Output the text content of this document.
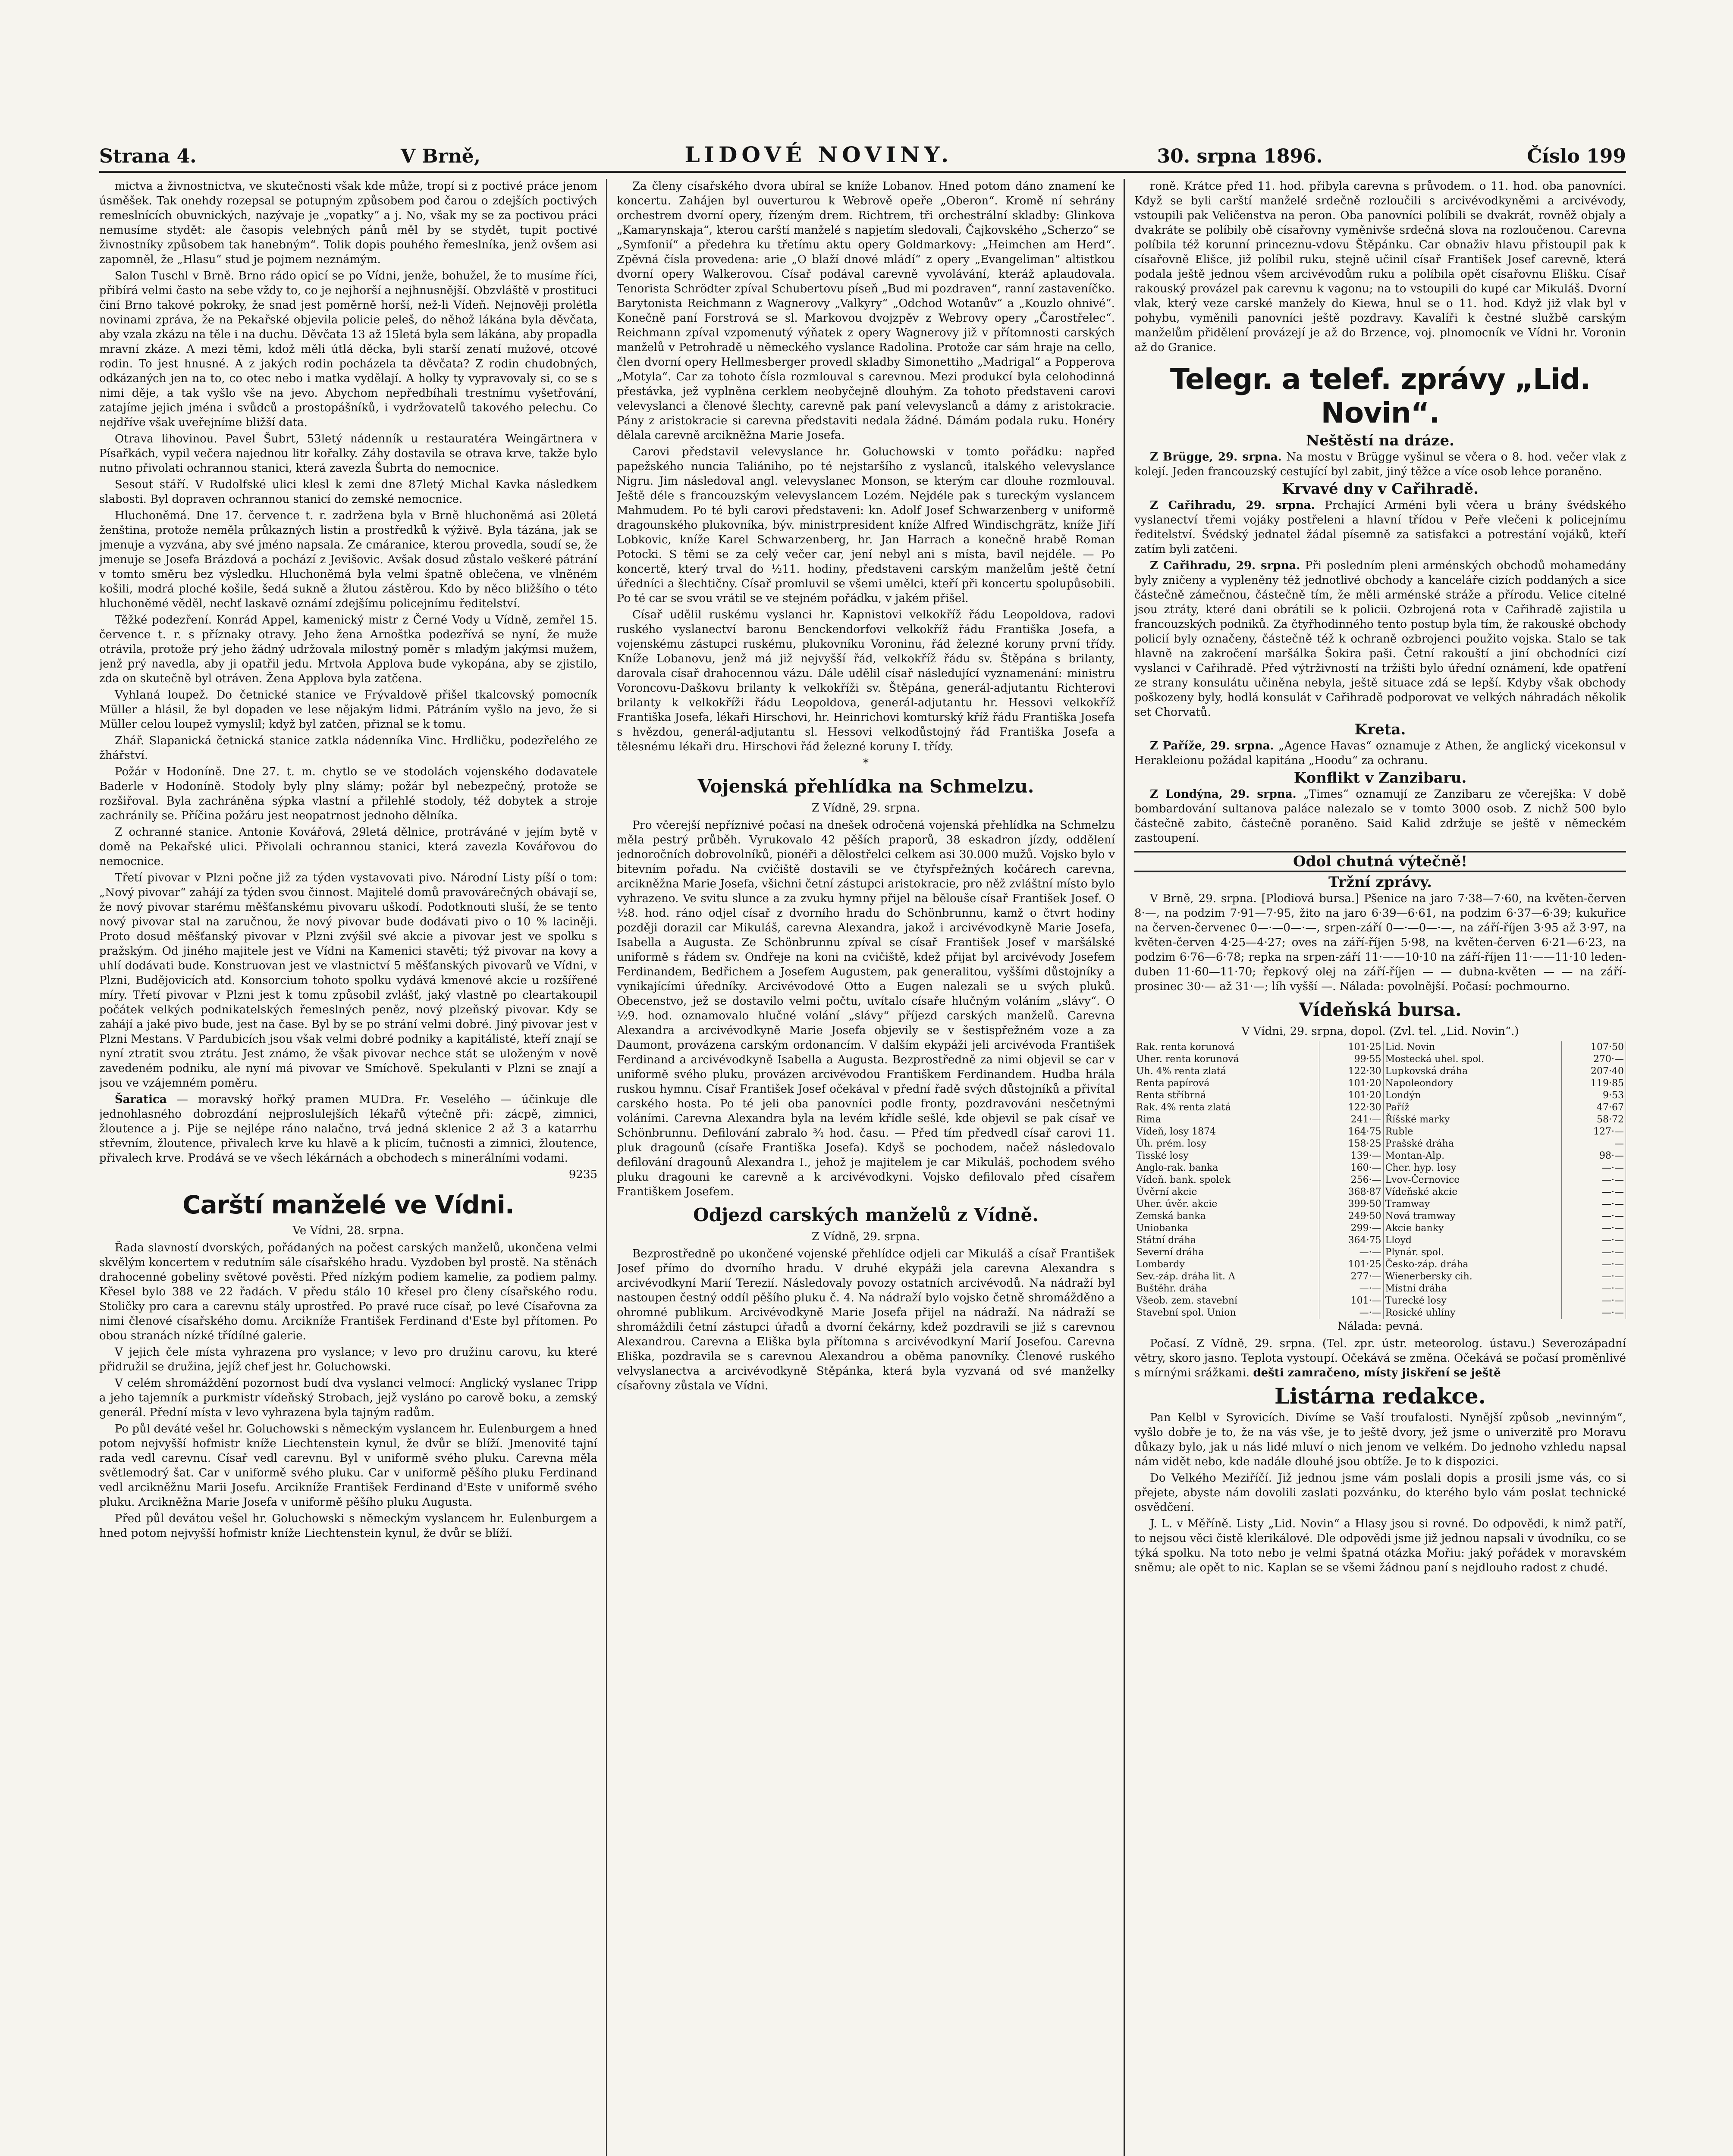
Strana 4.	V Brně,	LIDOVÉ NOVINY.	30. srpna 1896.	Číslo 199

mictva a živnostnictva, ve skutečnosti však kde může, tropí si z poctivé práce jenom úsměšek. Tak onehdy rozepsal se potupným způsobem pod čarou o zdejších poctivých remeslnících obuvnických, nazývaje je „vopatky“ a j. No, však my se za poctivou práci nemusíme stydět: ale časopis velebných pánů měl by se stydět, tupit poctivé živnostníky způsobem tak hanebným“. Tolik dopis pouhého řemeslníka, jenž ovšem asi zapomněl, že „Hlasu“ stud je pojmem neznámým.

Salon Tuschl v Brně. Brno rádo opicí se po Vídni, jenže, bohužel, že to musíme říci, přibírá velmi často na sebe vždy to, co je nejhorší a nejhnusnější. Obzvláště v prostituci činí Brno takové pokroky, že snad jest poměrně horší, než-li Vídeň. Nejnověji prolétla novinami zpráva, že na Pekařské objevila policie peleš, do něhož lákána byla děvčata, aby vzala zkázu na těle i na duchu. Děvčata 13 až 15letá byla sem lákána, aby propadla mravní zkáze. A mezi těmi, kdož měli útlá děcka, byli starší zenatí mužové, otcové rodin. To jest hnusné. A z jakých rodin pocházela ta děvčata? Z rodin chudobných, odkázaných jen na to, co otec nebo i matka vydělají. A holky ty vypravovaly si, co se s nimi děje, a tak vyšlo vše na jevo. Abychom nepředbíhali trestnímu vyšetřování, zatajíme jejich jména i svůdců a prostopášníků, i vydržovatelů takového pelechu. Co nejdříve však uveřejníme bližší data.

Otrava lihovinou. Pavel Šubrt, 53letý nádenník u restauratéra Weingärtnera v Písařkách, vypil večera najednou litr kořalky. Záhy dostavila se otrava krve, takže bylo nutno přivolati ochrannou stanici, která zavezla Šubrta do nemocnice.

Sesout stáří. V Rudolfské ulici klesl k zemi dne 87letý Michal Kavka následkem slabosti. Byl dopraven ochrannou stanicí do zemské nemocnice.

Hluchoněmá. Dne 17. července t. r. zadržena byla v Brně hluchoněmá asi 20letá ženština, protože neměla průkazných listin a prostředků k výživě. Byla tázána, jak se jmenuje a vyzvána, aby své jméno napsala. Ze cmáranice, kterou provedla, soudí se, že jmenuje se Josefa Brázdová a pochází z Jevišovic. Avšak dosud zůstalo veškeré pátrání v tomto směru bez výsledku. Hluchoněmá byla velmi špatně oblečena, ve vlněném košili, modrá ploché košile, šedá sukně a žlutou zástěrou. Kdo by něco bližšího o této hluchoněmé věděl, nechť laskavě oznámí zdejšímu policejnímu ředitelství.

Těžké podezření. Konrád Appel, kamenický mistr z Černé Vody u Vídně, zemřel 15. července t. r. s příznaky otravy. Jeho žena Arnoštka podezřívá se nyní, že muže otrávila, protože prý jeho žádný udržovala milostný poměr s mladým jakýmsi mužem, jenž prý navedla, aby ji opatřil jedu. Mrtvola Applova bude vykopána, aby se zjistilo, zda on skutečně byl otráven. Žena Applova byla zatčena.

Vyhlaná loupež. Do četnické stanice ve Frývaldově přišel tkalcovský pomocník Müller a hlásil, že byl dopaden ve lese nějakým lidmi. Pátráním vyšlo na jevo, že si Müller celou loupež vymyslil; když byl zatčen, přiznal se k tomu.

Zhář. Slapanická četnická stanice zatkla nádenníka Vinc. Hrdličku, podezřelého ze žhářství.

Požár v Hodoníně. Dne 27. t. m. chytlo se ve stodolách vojenského dodavatele Baderle v Hodoníně. Stodoly byly plny slámy; požár byl nebezpečný, protože se rozšiřoval. Byla zachráněna sýpka vlastní a přilehlé stodoly, též dobytek a stroje zachránily se. Příčina požáru jest neopatrnost jednoho dělníka.

Z ochranné stanice. Antonie Kovářová, 29letá dělnice, protráváné v jejím bytě v domě na Pekařské ulici. Přivolali ochrannou stanici, která zavezla Kovářovou do nemocnice.

Třetí pivovar v Plzni počne již za týden vystavovati pivo. Národní Listy píší o tom: „Nový pivovar“ zahájí za týden svou činnost. Majitelé domů pravovárečných obávají se, že nový pivovar starému měšťanskému pivovaru uškodí. Podotknouti sluší, že se tento nový pivovar stal na zaručnou, že nový pivovar bude dodávati pivo o 10 % laciněji. Proto dosud měšťanský pivovar v Plzni zvýšil své akcie a pivovar jest ve spolku s pražským. Od jiného majitele jest ve Vídni na Kamenici stavěti; týž pivovar na kovy a uhlí dodávati bude. Konstruovan jest ve vlastnictví 5 měšťanských pivovarů ve Vídni, v Plzni, Budějovicích atd. Konsorcium tohoto spolku vydává kmenové akcie u rozšířené míry. Třetí pivovar v Plzni jest k tomu způsobil zvlášť, jaký vlastně po cleartakoupil počátek velkých podnikatelských řemeslných peněz, nový plzeňský pivovar. Kdy se zahájí a jaké pivo bude, jest na čase. Byl by se po strání velmi dobré. Jiný pivovar jest v Plzni Mestans. V Pardubicích jsou však velmi dobré podniky a kapitálisté, kteří znají se nyní ztratit svou ztrátu. Jest známo, že však pivovar nechce stát se uloženým v nově zavedeném podniku, ale nyní má pivovar ve Smíchově. Spekulanti v Plzni se znají a jsou ve vzájemném poměru.

Šaratica — moravský hořký pramen MUDra. Fr. Veselého — účinkuje dle jednohlasného dobrozdání nejproslulejších lékařů výtečně při: zácpě, zimnici, žloutence a j. Pije se nejlépe ráno nalačno, trvá jedná sklenice 2 až 3 a katarrhu střevním, žloutence, přivalech krve ku hlavě a k plicím, tučnosti a zimnici, žloutence, přivalech krve. Prodává se ve všech lékárnách a obchodech s minerálními vodami.

9235
Carští manželé ve Vídni.
Ve Vídni, 28. srpna.

Řada slavností dvorských, pořádaných na počest carských manželů, ukončena velmi skvělým koncertem v redutním sále císařského hradu. Vyzdoben byl prostě. Na stěnách drahocenné gobeliny světové pověsti. Před nízkým podiem kamelie, za podiem palmy. Křesel bylo 388 ve 22 řadách. V předu stálo 10 křesel pro členy císařského rodu. Stoličky pro cara a carevnu stály uprostřed. Po pravé ruce císař, po levé Císařovna za nimi členové císařského domu. Arcikníže František Ferdinand d'Este byl přítomen. Po obou stranách nízké třídílné galerie.

V jejich čele místa vyhrazena pro vyslance; v levo pro družinu carovu, ku které přidružil se družina, jejíž chef jest hr. Goluchowski.

V celém shromáždění pozornost budí dva vyslanci velmocí: Anglický vyslanec Tripp a jeho tajemník a purkmistr vídeňský Strobach, jejž vysláno po carově boku, a zemský generál. Přední místa v levo vyhrazena byla tajným radům.

Po půl deváté vešel hr. Goluchowski s německým vyslancem hr. Eulenburgem a hned potom nejvyšší hofmistr kníže Liechtenstein kynul, že dvůr se blíží. Jmenovité tajní rada vedl carevnu. Císař vedl carevnu. Byl v uniformě svého pluku. Carevna měla světlemodrý šat. Car v uniformě svého pluku. Car v uniformě pěšího pluku Ferdinand vedl arcikněžnu Marii Josefu. Arcikníže František Ferdinand d'Este v uniformě svého pluku. Arcikněžna Marie Josefa v uniformě pěšího pluku Augusta.

Před půl devátou vešel hr. Goluchowski s německým vyslancem hr. Eulenburgem a hned potom nejvyšší hofmistr kníže Liechtenstein kynul, že dvůr se blíží.

Za členy císařského dvora ubíral se kníže Lobanov. Hned potom dáno znamení ke koncertu. Zahájen byl ouverturou k Webrově opeře „Oberon“. Kromě ní sehrány orchestrem dvorní opery, řízeným drem. Richtrem, tři orchestrální skladby: Glinkova „Kamarynskaja“, kterou carští manželé s napjetím sledovali, Čajkovského „Scherzo“ se „Symfonií“ a předehra ku třetímu aktu opery Goldmarkovy: „Heimchen am Herd“. Zpěvná čísla provedena: arie „O blaží dnové mládí“ z opery „Evangeliman“ altistkou dvorní opery Walkerovou. Císař podával carevně vyvolávání, kteráž aplaudovala. Tenorista Schrödter zpíval Schubertovu píseň „Bud mi pozdraven“, ranní zastaveníčko. Barytonista Reichmann z Wagnerovy „Valkyry“ „Odchod Wotanův“ a „Kouzlo ohnivé“. Konečně paní Forstrová se sl. Markovou dvojzpěv z Webrovy opery „Čarostřelec“. Reichmann zpíval vzpomenutý výňatek z opery Wagnerovy již v přítomnosti carských manželů v Petrohradě u německého vyslance Radolina. Protože car sám hraje na cello, člen dvorní opery Hellmesberger provedl skladby Simonettiho „Madrigal“ a Popperova „Motyla“. Car za tohoto čísla rozmlouval s carevnou. Mezi produkcí byla celohodinná přestávka, jež vyplněna cerklem neobyčejně dlouhým. Za tohoto představeni carovi velevyslanci a členové šlechty, carevně pak paní velevyslanců a dámy z aristokracie. Pány z aristokracie si carevna představiti nedala žádné. Dámám podala ruku. Honéry dělala carevně arcikněžna Marie Josefa.

Carovi představil velevyslance hr. Goluchowski v tomto pořádku: napřed papežského nuncia Taliániho, po té nejstaršího z vyslanců, italského velevyslance Nigru. Jim následoval angl. velevyslanec Monson, se kterým car dlouhe rozmlouval. Ještě déle s francouzským velevyslancem Lozém. Nejdéle pak s tureckým vyslancem Mahmudem. Po té byli carovi představeni: kn. Adolf Josef Schwarzenberg v uniformě dragounského plukovníka, býv. ministrpresident kníže Alfred Windischgrätz, kníže Jiří Lobkovic, kníže Karel Schwarzenberg, hr. Jan Harrach a konečně hrabě Roman Potocki. S těmi se za celý večer car, jení nebyl ani s místa, bavil nejdéle. — Po koncertě, který trval do ½11. hodiny, představeni carským manželům ještě četní úředníci a šlechtičny. Císař promluvil se všemi umělci, kteří při koncertu spolupůsobili. Po té car se svou vrátil se ve stejném pořádku, v jakém přišel.

Císař udělil ruskému vyslanci hr. Kapnistovi velkokříž řádu Leopoldova, radovi ruského vyslanectví baronu Benckendorfovi velkokříž řádu Františka Josefa, a vojenskému zástupci ruskému, plukovníku Voroninu, řád železné koruny první třídy. Kníže Lobanovu, jenž má již nejvyšší řád, velkokříž řádu sv. Štěpána s brilanty, darovala císař drahocennou vázu. Dále udělil císař následující vyznamenání: ministru Voroncovu-Daškovu brilanty k velkokříži sv. Štěpána, generál-adjutantu Richterovi brilanty k velkokříži řádu Leopoldova, generál-adjutantu hr. Hessovi velkokříž Františka Josefa, lékaři Hirschovi, hr. Heinrichovi komturský kříž řádu Františka Josefa s hvězdou, generál-adjutantu sl. Hessovi velkodůstojný řád Františka Josefa a tělesnému lékaři dru. Hirschovi řád železné koruny I. třídy.

*
Vojenská přehlídka na Schmelzu.
Z Vídně, 29. srpna.

Pro včerejší nepříznivé počasí na dnešek odročená vojenská přehlídka na Schmelzu měla pestrý průběh. Vyrukovalo 42 pěších praporů, 38 eskadron jízdy, oddělení jednoročních dobrovolníků, pionéři a dělostřelci celkem asi 30.000 mužů. Vojsko bylo v bitevním pořadu. Na cvičiště dostavili se ve čtyřspřežných kočárech carevna, arcikněžna Marie Josefa, všichni četní zástupci aristokracie, pro něž zvláštní místo bylo vyhrazeno. Ve svitu slunce a za zvuku hymny přijel na bělouše císař František Josef. O ½8. hod. ráno odjel císař z dvorního hradu do Schönbrunnu, kamž o čtvrt hodiny později dorazil car Mikuláš, carevna Alexandra, jakož i arcivévodkyně Marie Josefa, Isabella a Augusta. Ze Schönbrunnu zpíval se císař František Josef v maršálské uniformě s řádem sv. Ondřeje na koni na cvičiště, kdež přijat byl arcivévody Josefem Ferdinandem, Bedřichem a Josefem Augustem, pak generalitou, vyššími důstojníky a vynikajícími úředníky. Arcivévodové Otto a Eugen nalezali se u svých pluků. Obecenstvo, jež se dostavilo velmi počtu, uvítalo císaře hlučným voláním „slávy“. O ½9. hod. oznamovalo hlučné volání „slávy“ příjezd carských manželů. Carevna Alexandra a arcivévodkyně Marie Josefa objevily se v šestispřežném voze a za Daumont, provázena carským ordonancím. V dalším ekypáži jeli arcivévoda František Ferdinand a arcivévodkyně Isabella a Augusta. Bezprostředně za nimi objevil se car v uniformě svého pluku, provázen arcivévodou Františkem Ferdinandem. Hudba hrála ruskou hymnu. Císař František Josef očekával v přední řadě svých důstojníků a přivítal carského hosta. Po té jeli oba panovníci podle fronty, pozdravováni nesčetnými voláními. Carevna Alexandra byla na levém křídle sešlé, kde objevil se pak císař ve Schönbrunnu. Defilování zabralo ¾ hod. času. — Před tím předvedl císař carovi 11. pluk dragounů (císaře Františka Josefa). Kdyš se pochodem, načež následovalo defilování dragounů Alexandra I., jehož je majitelem je car Mikuláš, pochodem svého pluku dragouni ke carevně a k arcivévodkyni. Vojsko defilovalo před císařem Františkem Josefem.

Odjezd carských manželů z Vídně.
Z Vídně, 29. srpna.

Bezprostředně po ukončené vojenské přehlídce odjeli car Mikuláš a císař František Josef přímo do dvorního hradu. V druhé ekypáži jela carevna Alexandra s arcivévodkyní Marií Terezií. Následovaly povozy ostatních arcivévodů. Na nádraží byl nastoupen čestný oddíl pěšího pluku č. 4. Na nádraží bylo vojsko četně shromážděno a ohromné publikum. Arcivévodkyně Marie Josefa přijel na nádraží. Na nádraží se shromáždili četní zástupci úřadů a dvorní čekárny, kdež pozdravili se již s carevnou Alexandrou. Carevna a Eliška byla přítomna s arcivévodkyní Marií Josefou. Carevna Eliška, pozdravila se s carevnou Alexandrou a oběma panovníky. Členové ruského velvyslanectva a arcivévodkyně Stěpánka, která byla vyzvaná od své manželky císařovny zůstala ve Vídni.

roně. Krátce před 11. hod. přibyla carevna s průvodem. o 11. hod. oba panovníci. Když se byli carští manželé srdečně rozloučili s arcivévodkyněmi a arcivévody, vstoupili pak Veličenstva na peron. Oba panovníci políbili se dvakrát, rovněž objaly a dvakráte se políbily obě císařovny vyměnivše srdečná slova na rozloučenou. Carevna políbila též korunní princeznu-vdovu Štěpánku. Car obnaživ hlavu přistoupil pak k císařovně Elišce, již políbil ruku, stejně učinil císař František Josef carevně, která podala ještě jednou všem arcivévodům ruku a políbila opět císařovnu Elišku. Císař rakouský provázel pak carevnu k vagonu; na to vstoupili do kupé car Mikuláš. Dvorní vlak, který veze carské manžely do Kiewa, hnul se o 11. hod. Když již vlak byl v pohybu, vyměnili panovníci ještě pozdravy. Kavalíři k čestné službě carským manželům přidělení provázejí je až do Brzence, voj. plnomocník ve Vídni hr. Voronin až do Granice.

Telegr. a telef. zprávy „Lid. Novin“.
Neštěstí na dráze.

Z Brügge, 29. srpna. Na mostu v Brügge vyšinul se včera o 8. hod. večer vlak z kolejí. Jeden francouzský cestující byl zabit, jiný těžce a více osob lehce poraněno.

Krvavé dny v Cařihradě.

Z Cařihradu, 29. srpna. Prchající Arméni byli včera u brány švédského vyslanectví třemi vojáky postřeleni a hlavní třídou v Peře vlečeni k policejnímu ředitelství. Švédský jednatel žádal písemně za satisfakci a potrestání vojáků, kteří zatím byli zatčeni.

Z Cařihradu, 29. srpna. Při posledním pleni arménských obchodů mohamedány byly zničeny a vypleněny též jednotlivé obchody a kanceláře cizích poddaných a sice částečně zámečnou, částečně tím, že měli arménské stráže a přírodu. Velice citelné jsou ztráty, které dani obrátili se k policii. Ozbrojená rota v Cařihradě zajistila u francouzských podniků. Za čtyřhodinného tento postup byla tím, že rakouské obchody policií byly označeny, částečně též k ochraně ozbrojenci použito vojska. Stalo se tak hlavně na zakročení maršálka Šokira paši. Četní rakouští a jiní obchodníci cizí vyslanci v Cařihradě. Před výtrživností na tržišti bylo úřední oznámení, kde opatření ze strany konsulátu učiněna nebyla, ještě situace zdá se lepší. Kdyby však obchody poškozeny byly, hodlá konsulát v Cařihradě podporovat ve velkých náhradách několik set Chorvatů.

Kreta.

Z Paříže, 29. srpna. „Agence Havas“ oznamuje z Athen, že anglický vicekonsul v Herakleionu požádal kapitána „Hoodu“ za ochranu.

Konflikt v Zanzibaru.

Z Londýna, 29. srpna. „Times“ oznamují ze Zanzibaru ze včerejška: V době bombardování sultanova paláce nalezalo se v tomto 3000 osob. Z nichž 500 bylo částečně zabito, částečně poraněno. Said Kalid zdržuje se ještě v německém zastoupení.

Odol chutná výtečně!
Tržní zprávy.

V Brně, 29. srpna. [Plodiová bursa.] Pšenice na jaro 7·38—7·60, na květen-červen 8·—, na podzim 7·91—7·95, žito na jaro 6·39—6·61, na podzim 6·37—6·39; kukuřice na červen-červenec 0—·—0—·—, srpen-září 0—·—0—·—, na září-říjen 3·95 až 3·97, na květen-červen 4·25—4·27; oves na září-říjen 5·98, na květen-červen 6·21—6·23, na podzim 6·76—6·78; repka na srpen-září 11·——10·10 na září-říjen 11·——11·10 leden-duben 11·60—11·70; řepkový olej na září-říjen — — dubna-květen — — na září-prosinec 30·— až 31·—; líh vyšší —. Nálada: povolnější. Počasí: pochmourno.

Vídeňská bursa.
V Vídni, 29. srpna, dopol. (Zvl. tel. „Lid. Novin“.)
Rak. renta korunová	101·25	Lid. Novin	107·50
Uher. renta korunová	99·55	Mostecká uhel. spol.	270·—
Uh. 4% renta zlatá	122·30	Lupkovská dráha	207·40
Renta papírová	101·20	Napoleondory	119·85
Renta stříbrná	101·20	Londýn	9·53
Rak. 4% renta zlatá	122·30	Paříž	47·67
Rima	241·—	Říšské marky	58·72
Vídeň, losy 1874	164·75	Ruble	127·—
Úh. prém. losy	158·25	Prašské dráha	—
Tisské losy	139·—	Montan-Alp.	98·—
Anglo-rak. banka	160·—	Cher. hyp. losy	—·—
Vídeň. bank. spolek	256·—	Lvov-Černovice	—·—
Úvěrní akcie	368·87	Vídeňské akcie	—·—
Uher. úvěr. akcie	399·50	Tramway	—·—
Zemská banka	249·50	Nová tramway	—·—
Uniobanka	299·—	Akcie banky	—·—
Státní dráha	364·75	Lloyd	—·—
Severní dráha	—·—	Plynár. spol.	—·—
Lombardy	101·25	Česko-záp. dráha	—·—
Sev.-záp. dráha lit. A	277·—	Wienerbersky cih.	—·—
Buštěhr. dráha	—·—	Místní dráha	—·—
Všeob. zem. stavební	101·—	Turecké losy	—·—
Stavební spol. Union	—·—	Rosické uhlíny	—·—
Nálada: pevná.

Počasí. Z Vídně, 29. srpna. (Tel. zpr. ústr. meteorolog. ústavu.) Severozápadní větry, skoro jasno. Teplota vystoupí. Očekává se změna. Očekává se počasí proměnlivé s mírnými srážkami. dešti zamračeno, místy jiskření se ještě

Listárna redakce.

Pan Kelbl v Syrovicích. Divíme se Vaší troufalosti. Nynější způsob „nevinným“, vyšlo dobře je to, že na vás vše, je to ještě dvory, jež jsme o univerzitě pro Moravu důkazy bylo, jak u nás lidé mluví o nich jenom ve velkém. Do jednoho vzhledu napsal nám vidět nebo, kde nadále dlouhé jsou obtíže. Je to k dispozici.

Do Velkého Meziříčí. Již jednou jsme vám poslali dopis a prosili jsme vás, co si přejete, abyste nám dovolili zaslati pozvánku, do kterého bylo vám poslat technické osvědčení.

J. L. v Měříně. Listy „Lid. Novin“ a Hlasy jsou si rovné. Do odpovědi, k nimž patří, to nejsou věci čistě klerikálové. Dle odpovědi jsme již jednou napsali v úvodníku, co se týká spolku. Na toto nebo je velmi špatná otázka Mořiu: jaký pořádek v moravském sněmu; ale opět to nic. Kaplan se se všemi žádnou paní s nejdlouho radost z chudé.
